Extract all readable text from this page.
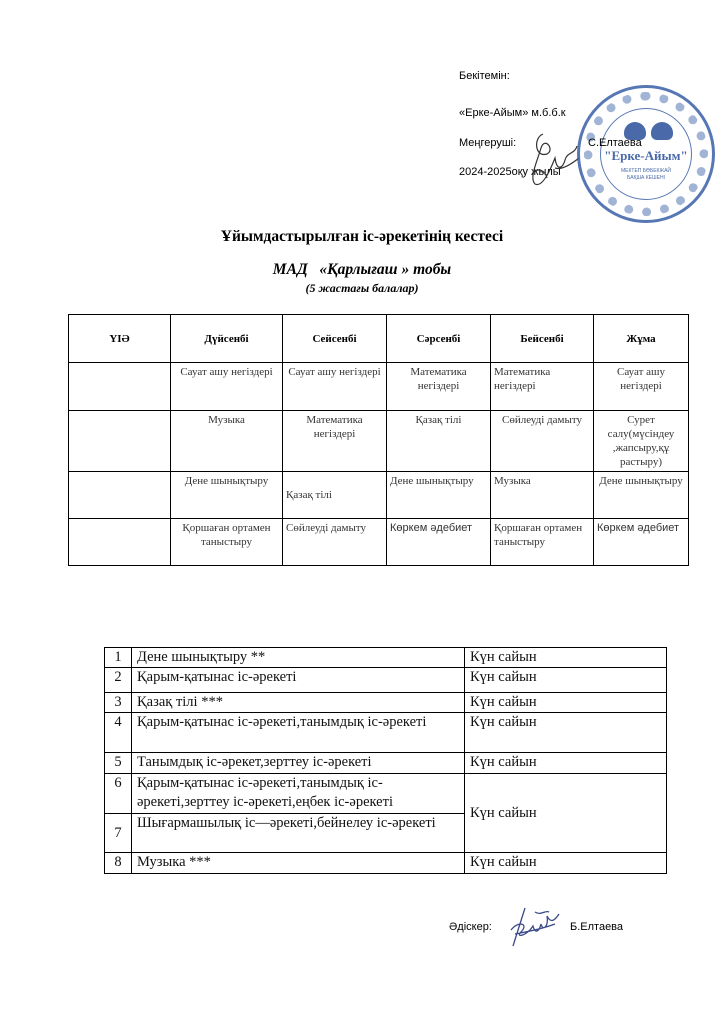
Бекітемін:
«Ерке-Айым» м.б.б.к
Меңгеруші:
2024-2025оқу жылы
"Ерке-Айым"
МЕКТЕП БӨБЕКЖАЙ
БАҚША КЕШЕНІ
С.Елтаева
Ұйымдастырылған іс-әрекетінің кестесі
МАД   «Қарлығаш » тобы
(5 жастағы балалар)
ҮІӘ	Дүйсенбі	Сейсенбі	Сәрсенбі	Бейсенбі	Жұма
	Сауат ашу негіздері	Сауат ашу негіздері	Математика негіздері	Математика негіздері	Сауат ашу негіздері
	Музыка	Математика негіздері	Қазақ тілі	Сөйлеуді дамыту	Сурет салу(мүсіндеу ,жапсыру,құ растыру)
	Дене шынықтыру	Қазақ тілі	Дене шынықтыру	Музыка	Дене шынықтыру
	Қоршаған ортамен таныстыру	Сөйлеуді дамыту	Көркем әдебиет	Қоршаған ортамен таныстыру	Көркем әдебиет
1	Дене шынықтыру **	Күн сайын
2	Қарым-қатынас іс-әрекеті	Күн сайын
3	Қазақ тілі ***	Күн сайын
4	Қарым-қатынас іс-әрекеті,танымдық іс-әрекеті	Күн сайын
5	Танымдық іс-әрекет,зерттеу іс-әрекеті	Күн сайын
6	Қарым-қатынас іс-әрекеті,танымдық іс-әрекеті,зерттеу іс-әрекеті,еңбек іс-әрекеті	Күн сайын
7	Шығармашылық іс—әрекеті,бейнелеу іс-әрекеті	
8	Музыка ***	Күн сайын
Әдіскер:	Б.Елтаева
